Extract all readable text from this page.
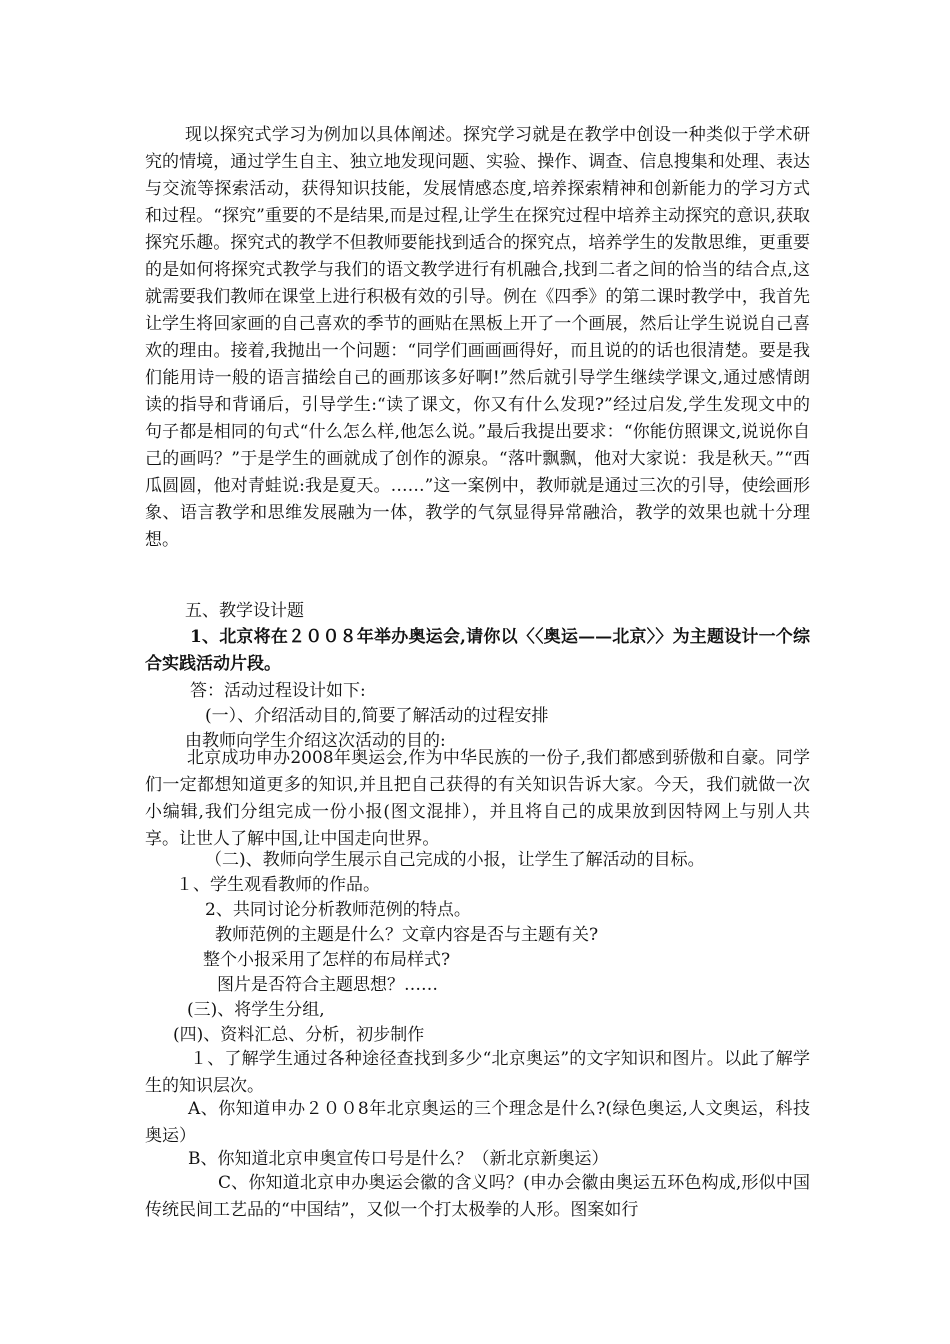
现以探究式学习为例加以具体阐述。探究学习就是在教学中创设一种类似于学术研究的情境，通过学生自主、独立地发现问题、实验、操作、调查、信息搜集和处理、表达与交流等探索活动，获得知识技能，发展情感态度,培养探索精神和创新能力的学习方式和过程。“探究”重要的不是结果,而是过程,让学生在探究过程中培养主动探究的意识,获取探究乐趣。探究式的教学不但教师要能找到适合的探究点，培养学生的发散思维，更重要的是如何将探究式教学与我们的语文教学进行有机融合,找到二者之间的恰当的结合点,这就需要我们教师在课堂上进行积极有效的引导。例在《四季》的第二课时教学中，我首先让学生将回家画的自己喜欢的季节的画贴在黑板上开了一个画展，然后让学生说说自己喜欢的理由。接着,我抛出一个问题：“同学们画画画得好，而且说的的话也很清楚。要是我们能用诗一般的语言描绘自己的画那该多好啊!”然后就引导学生继续学课文,通过感情朗读的指导和背诵后，引导学生:“读了课文，你又有什么发现?”经过启发,学生发现文中的句子都是相同的句式“什么怎么样,他怎么说。”最后我提出要求：“你能仿照课文,说说你自己的画吗？”于是学生的画就成了创作的源泉。“落叶飘飘，他对大家说：我是秋天。”“西瓜圆圆，他对青蛙说:我是夏天。……”这一案例中，教师就是通过三次的引导，使绘画形象、语言教学和思维发展融为一体，教学的气氛显得异常融洽，教学的效果也就十分理想。

五、教学设计题

1、北京将在２００８年举办奥运会,请你以〈〈奥运——北京〉〉为主题设计一个综合实践活动片段。

答：活动过程设计如下:

(一）、介绍活动目的,简要了解活动的过程安排

由教师向学生介绍这次活动的目的:

北京成功申办2008年奥运会,作为中华民族的一份子,我们都感到骄傲和自豪。同学们一定都想知道更多的知识,并且把自己获得的有关知识告诉大家。今天，我们就做一次小编辑,我们分组完成一份小报(图文混排），并且将自己的成果放到因特网上与别人共享。让世人了解中国,让中国走向世界。

（二)、教师向学生展示自己完成的小报，让学生了解活动的目标。

１、学生观看教师的作品。

2、共同讨论分析教师范例的特点。

教师范例的主题是什么？文章内容是否与主题有关?

整个小报采用了怎样的布局样式?

图片是否符合主题思想？……

(三)、将学生分组,

(四)、资料汇总、分析，初步制作

１、了解学生通过各种途径查找到多少“北京奥运”的文字知识和图片。以此了解学生的知识层次。

A、你知道申办２００8年北京奥运的三个理念是什么?(绿色奥运,人文奥运，科技奥运）

B、你知道北京申奥宣传口号是什么？（新北京新奥运）

C、你知道北京申办奥运会徽的含义吗？(申办会徽由奥运五环色构成,形似中国传统民间工艺品的“中国结”，又似一个打太极拳的人形。图案如行
